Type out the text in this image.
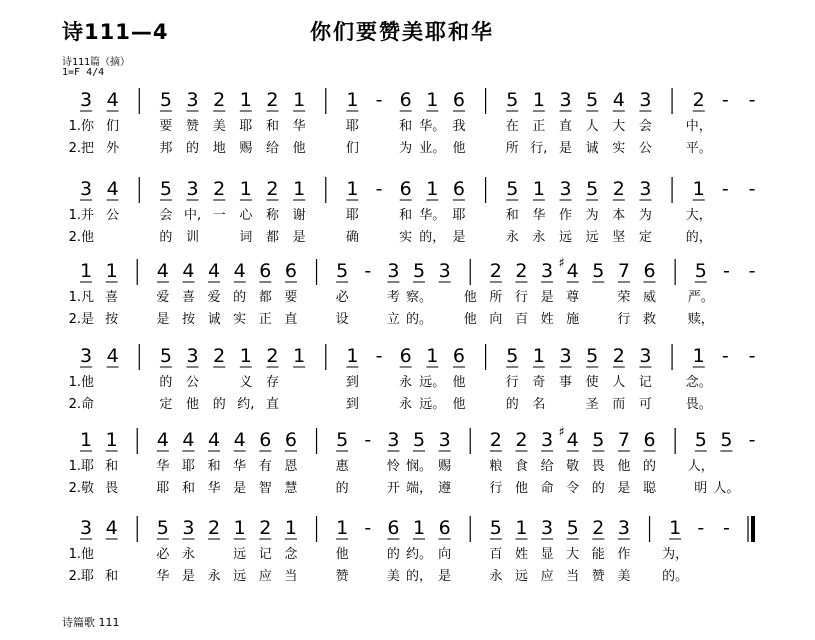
诗111—4	你们要赞美耶和华
诗111篇（摘）
1=F 4/4
3 4 5 3 2 1 2 1 1 - 6 1 6 5 1 3 5 4 3 2 - -
1.你 们	要 赞 美 耶 和 华	耶	和 华。 我	在 正 直 人 大 会	中，
2.把 外	邦 的 地 赐 给 他	们	为 业。 他	所 行, 是 诚 实 公	平。
3 4 5 3 2 1 2 1 1 - 6 1 6 5 1 3 5 2 3 1 - -
1.并 公	会 中, 一 心 称 谢	耶	和 华。 耶	和 华 作 为 本 为	大，
2.他	的 训	词 都 是	确	实 的， 是	永 永 远 远 坚 定	的，
1 1 4 4 4 4 6 6 5 - 3 5 3 2 2 3 ♯ 4 5 7 6 5 - -
1.凡 喜	爱 喜 爱 的 都 要	必	考 察。 他 所 行 是 尊	荣 威 严。
2.是 按	是 按 诚 实 正 直	设	立 的。 他 向 百 姓 施	行 救 赎，
3 4 5 3 2 1 2 1 1 - 6 1 6 5 1 3 5 2 3 1 - -
1.他	的 公	义 存	到	永 远。 他	行 奇 事 使 人 记	念。
2.命	定 他 的 约, 直	到	永 远。 他	的 名	圣 而 可	畏。
1 1 4 4 4 4 6 6 5 - 3 5 3 2 2 3 ♯ 4 5 7 6 5 5 -
1.耶 和	华 耶 和 华 有 恩	惠	怜 悯。 赐	粮 食 给 敬 畏 他 的 人，
2.敬 畏	耶 和 华 是 智 慧	的	开 端， 遵	行 他 命 令 的 是 聪	明 人。
3 4 5 3 2 1 2 1 1 - 6 1 6 5 1 3 5 2 3 1 - -
1.他	必 永	远 记 念	他	的 约。 向	百 姓 显 大 能 作 为，
2.耶 和	华 是 永 远 应 当	赞	美 的， 是	永 远 应 当 赞 美 的。
诗篇歌 111
